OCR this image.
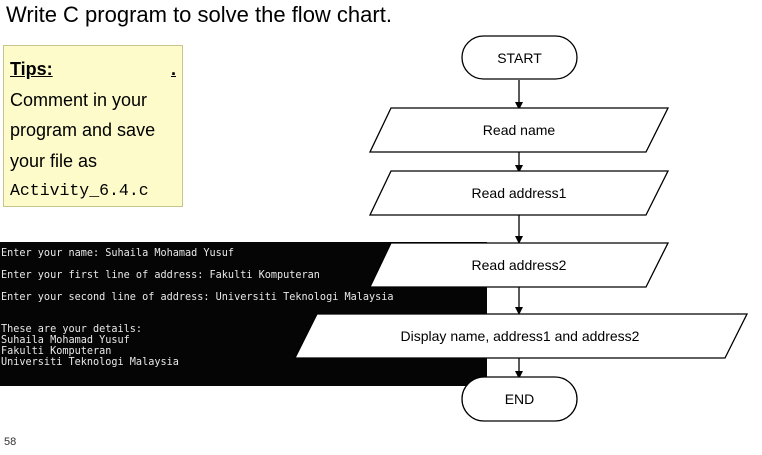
Write C program to solve the flow chart.
Tips:	.
Comment in your
program and save
your file as
Activity_6.4.c
Enter your name: Suhaila Mohamad Yusuf
Enter your first line of address: Fakulti Komputeran
Enter your second line of address: Universiti Teknologi Malaysia
These are your details:
Suhaila Mohamad Yusuf
Fakulti Komputeran
Universiti Teknologi Malaysia
START
Read name
Read address1
Read address2
Display name, address1 and address2
END
58
